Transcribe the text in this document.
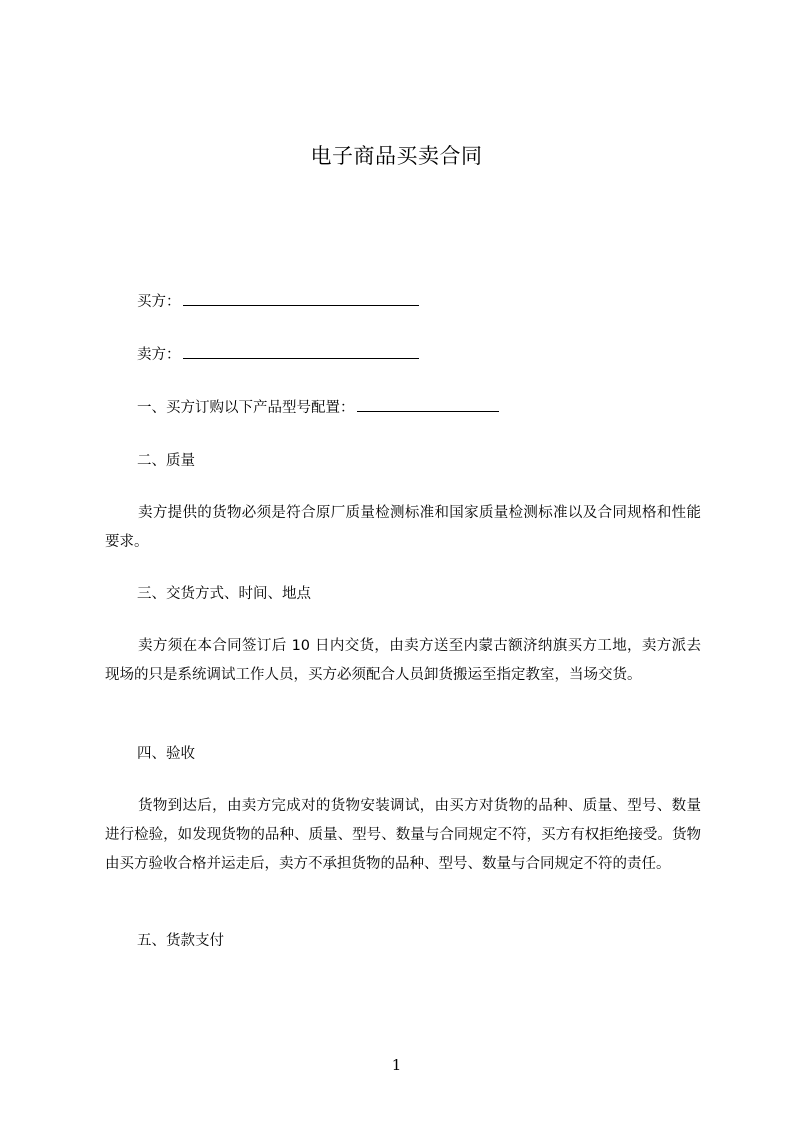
电子商品买卖合同
买方：
卖方：
一、买方订购以下产品型号配置：
二、质量
卖方提供的货物必须是符合原厂质量检测标准和国家质量检测标准以及合同规格和性能要求。
三、交货方式、时间、地点
卖方须在本合同签订后 10 日内交货，由卖方送至内蒙古额济纳旗买方工地，卖方派去现场的只是系统调试工作人员，买方必须配合人员卸货搬运至指定教室，当场交货。
四、验收
货物到达后，由卖方完成对的货物安装调试，由买方对货物的品种、质量、型号、数量进行检验，如发现货物的品种、质量、型号、数量与合同规定不符，买方有权拒绝接受。货物由买方验收合格并运走后，卖方不承担货物的品种、型号、数量与合同规定不符的责任。
五、货款支付
1
